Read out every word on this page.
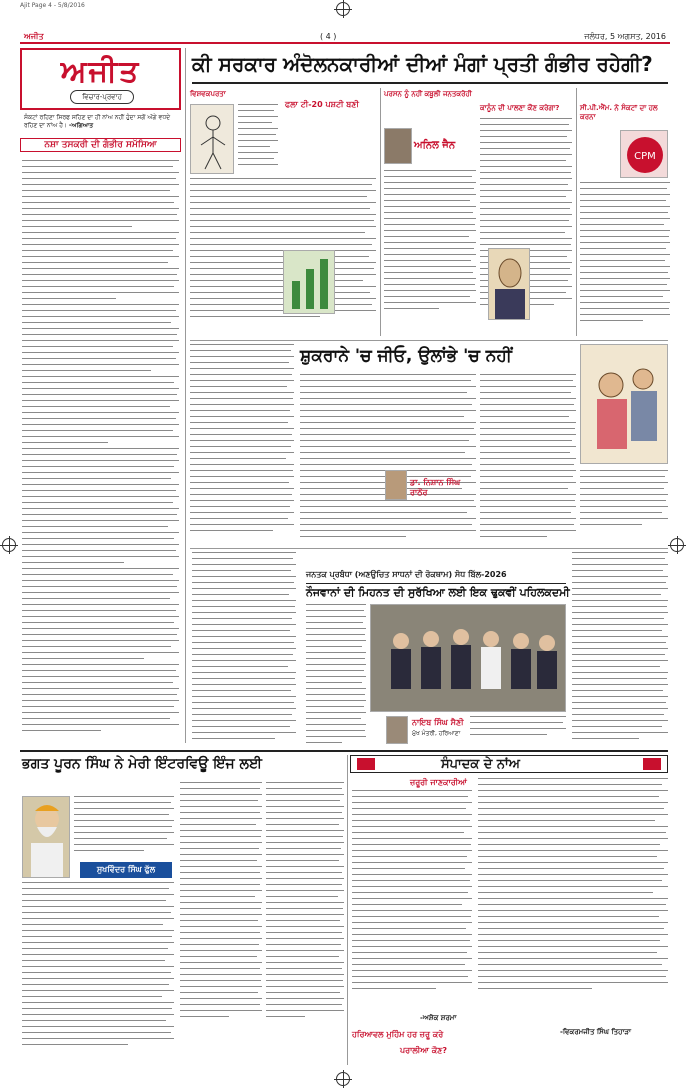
Ajit Page 4 - 5/8/2016
ਅਜੀਤ	( 4 )	ਜਲੰਧਰ, 5 ਅਗਸਤ, 2016
ਅਜੀਤ
ਵਿਚਾਰ-ਪ੍ਰਵਾਹ
ਸੰਕਟਾਂ ਰਹਿਣਾ ਸਿਰਫ ਸਹਿਣ ਦਾ ਹੀ ਨਾਂਅ ਨਹੀਂ ਹੁੰਦਾ ਸਗੋਂ ਅੱਗੇ ਵਧਦੇ ਰਹਿਣ ਦਾ ਨਾਂਅ ਹੈ। -ਅਗਿਆਤ
ਕੀ ਸਰਕਾਰ ਅੰਦੋਲਨਕਾਰੀਆਂ ਦੀਆਂ ਮੰਗਾਂ ਪ੍ਰਤੀ ਗੰਭੀਰ ਰਹੇਗੀ?
ਨਸ਼ਾ ਤਸਕਰੀ ਦੀ ਗੰਭੀਰ ਸਮੱਸਿਆ
ਵਿਸ਼ਵਕਪਰਤਾ
ਫਲਾ ਟੀ-20 ਪਸ਼ਟੀ ਬਣੀ
ਪਰਸਨ ਨੂੰ ਨਹੀਂ ਕਬੂਲੀ ਜਨਤਕਰੋਹੀ
ਅਨਿਲ ਜੈਨ
ਕਾਨੂੰਨ ਦੀ ਪਾਲਣਾ ਕੌਣ ਕਰੇਗਾ?	ਸੀ.ਪੀ.ਐੱਮ. ਨੇ ਸੰਕਟਾਂ ਦਾ ਹਲ ਕਰਨਾ
CPM
ਸ਼ੁਕਰਾਨੇ 'ਚ ਜੀਓ, ਉਲਾਂਭੇ 'ਚ ਨਹੀਂ
ਡਾ. ਨਿਸ਼ਾਨ ਸਿੰਘ ਰਾਠੌਰ
ਜਨਤਕ ਪ੍ਰਬੰਧਾ (ਅਣਉਚਿਤ ਸਾਧਨਾਂ ਦੀ ਰੋਕਥਾਮ) ਸੋਧ ਬਿੱਲ-2026
ਨੌਜਵਾਨਾਂ ਦੀ ਮਿਹਨਤ ਦੀ ਸੁਰੱਖਿਆ ਲਈ ਇਕ ਢੁਕਵੀਂ ਪਹਿਲਕਦਮੀ
ਨਾਇਬ ਸਿੰਘ ਸੈਣੀ
ਮੁੱਖ ਮੰਤਰੀ, ਹਰਿਆਣਾ
ਭਗਤ ਪੂਰਨ ਸਿੰਘ ਨੇ ਮੇਰੀ ਇੰਟਰਵਿਊ ਇੰਜ ਲਈ
ਸੁਖਵਿੰਦਰ ਸਿੰਘ ਫੁੱਲ
ਸੰਪਾਦਕ ਦੇ ਨਾਂਅ
ਜ਼ਰੂਰੀ ਜਾਣਕਾਰੀਆਂ
-ਅਸ਼ੋਕ ਸ਼ਰਮਾ
ਹਰਿਆਵਲ ਮੁਹਿੰਮ ਹਰ ਜ਼ਰੂ ਕਰੇ
ਪਰਾਲੀਆ ਕੌਣ?
-ਵਿਕਰਮਜੀਤ ਸਿੰਘ ਤਿਹਾੜਾ
